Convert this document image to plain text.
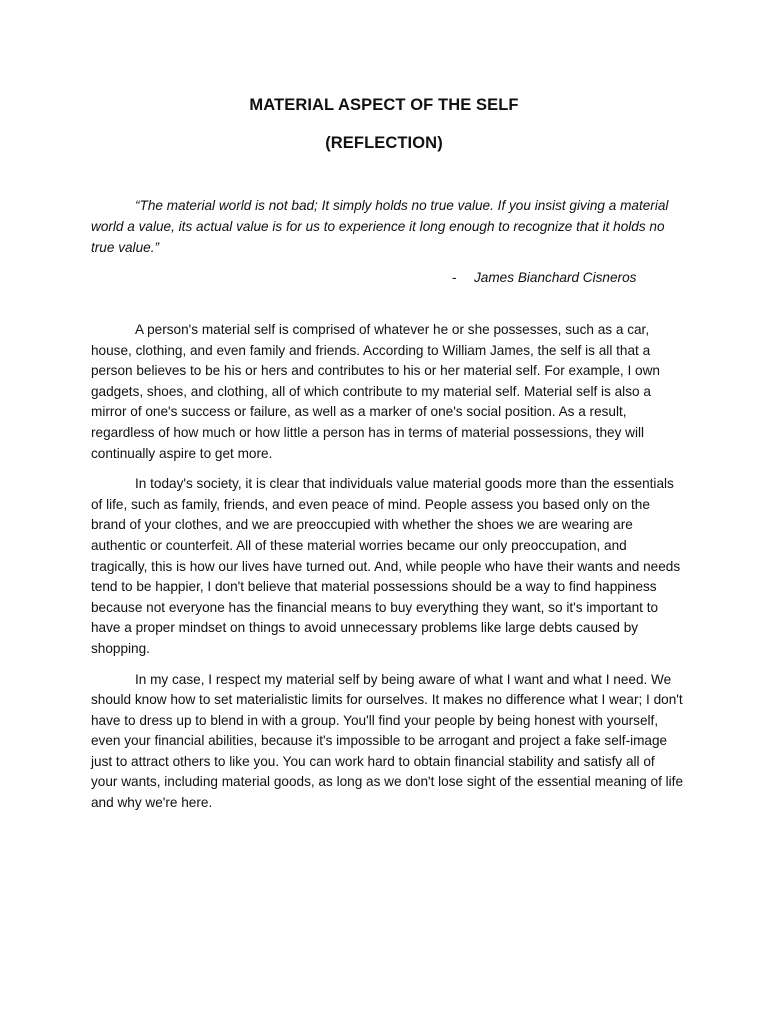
MATERIAL ASPECT OF THE SELF
(REFLECTION)
“The material world is not bad; It simply holds no true value. If you insist giving a material world a value, its actual value is for us to experience it long enough to recognize that it holds no true value.”
- James Bianchard Cisneros

A person's material self is comprised of whatever he or she possesses, such as a car, house, clothing, and even family and friends. According to William James, the self is all that a person believes to be his or hers and contributes to his or her material self. For example, I own gadgets, shoes, and clothing, all of which contribute to my material self. Material self is also a mirror of one's success or failure, as well as a marker of one's social position. As a result, regardless of how much or how little a person has in terms of material possessions, they will continually aspire to get more.

In today's society, it is clear that individuals value material goods more than the essentials of life, such as family, friends, and even peace of mind. People assess you based only on the brand of your clothes, and we are preoccupied with whether the shoes we are wearing are authentic or counterfeit. All of these material worries became our only preoccupation, and tragically, this is how our lives have turned out. And, while people who have their wants and needs tend to be happier, I don't believe that material possessions should be a way to find happiness because not everyone has the financial means to buy everything they want, so it's important to have a proper mindset on things to avoid unnecessary problems like large debts caused by shopping.

In my case, I respect my material self by being aware of what I want and what I need. We should know how to set materialistic limits for ourselves. It makes no difference what I wear; I don't have to dress up to blend in with a group. You'll find your people by being honest with yourself, even your financial abilities, because it's impossible to be arrogant and project a fake self-image just to attract others to like you. You can work hard to obtain financial stability and satisfy all of your wants, including material goods, as long as we don't lose sight of the essential meaning of life and why we're here.
